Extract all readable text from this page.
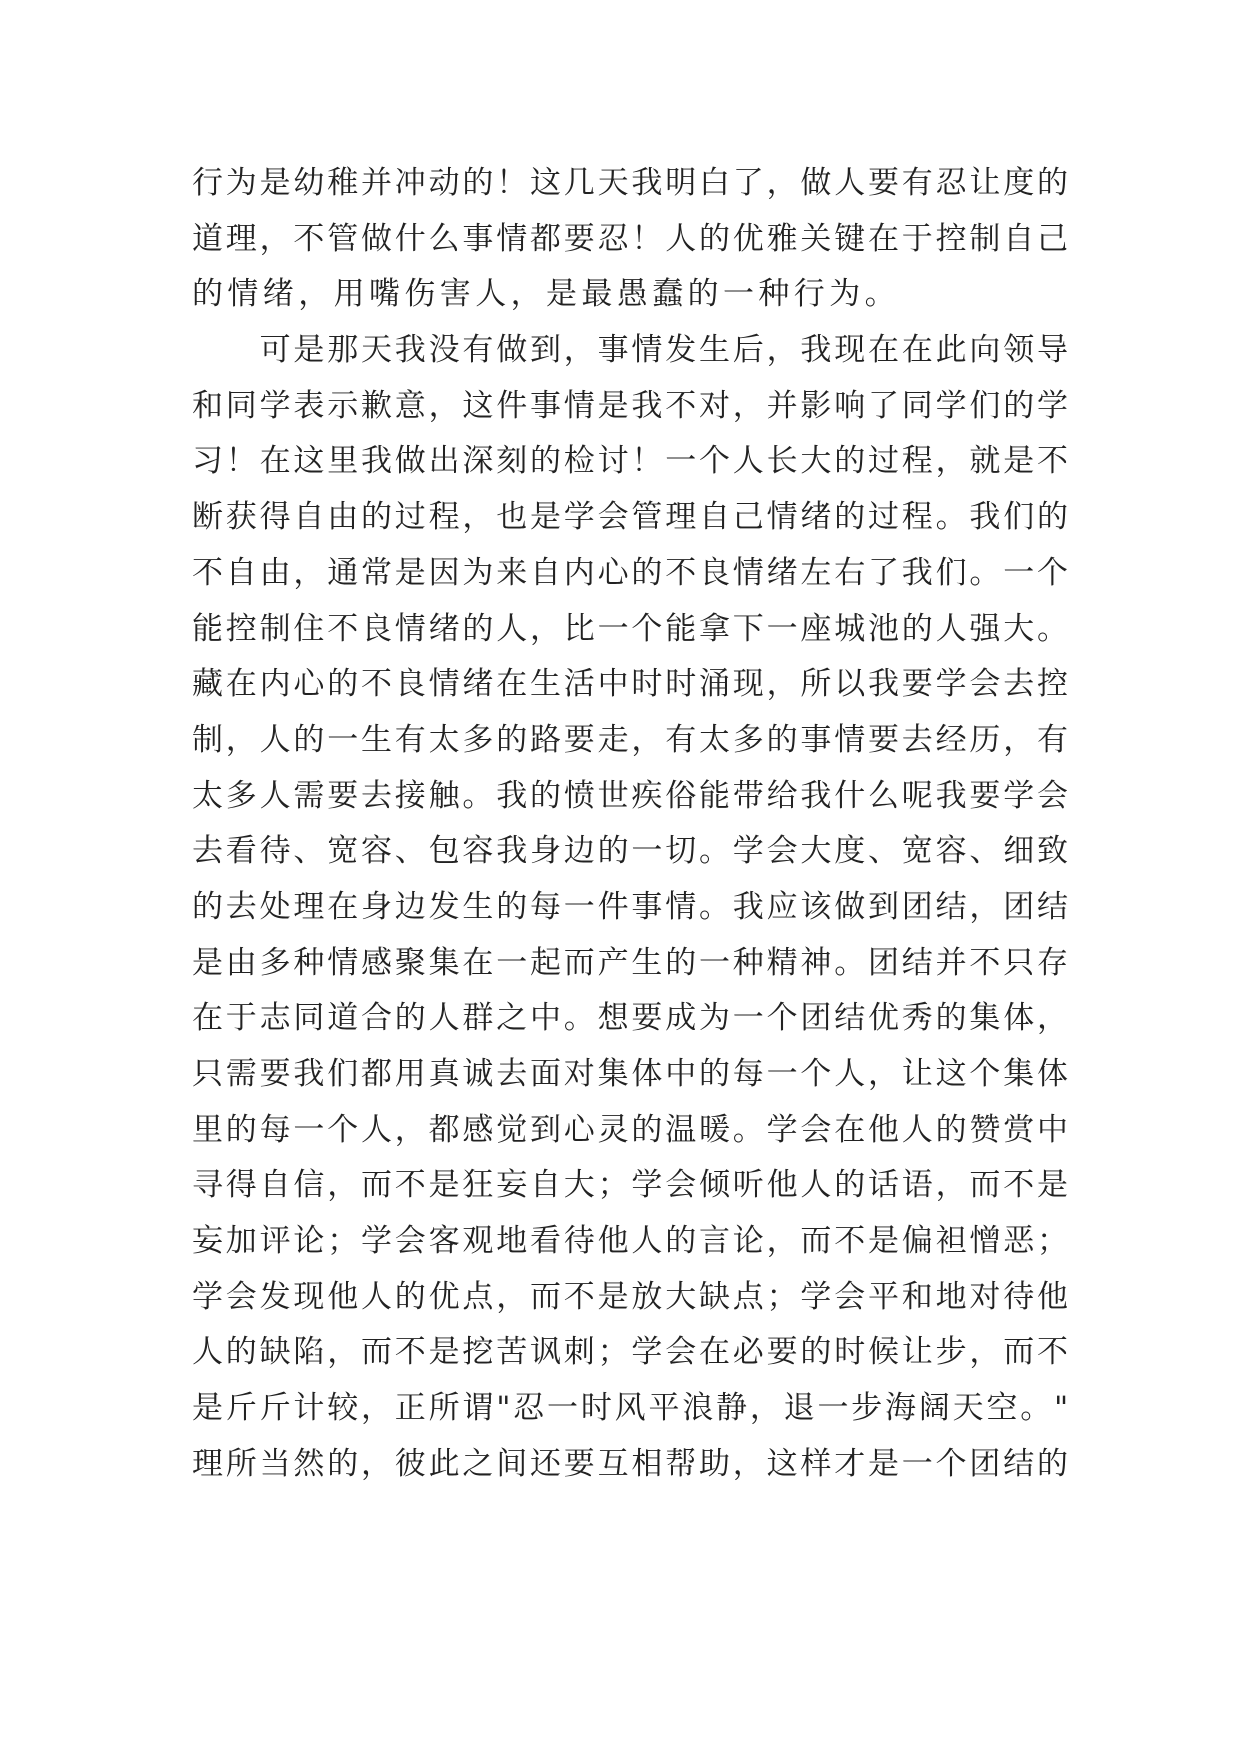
行为是幼稚并冲动的！这几天我明白了，做人要有忍让度的
道理，不管做什么事情都要忍！人的优雅关键在于控制自己
的情绪，用嘴伤害人，是最愚蠢的一种行为。
　　可是那天我没有做到，事情发生后，我现在在此向领导
和同学表示歉意，这件事情是我不对，并影响了同学们的学
习！在这里我做出深刻的检讨！一个人长大的过程，就是不
断获得自由的过程，也是学会管理自己情绪的过程。我们的
不自由，通常是因为来自内心的不良情绪左右了我们。一个
能控制住不良情绪的人，比一个能拿下一座城池的人强大。
藏在内心的不良情绪在生活中时时涌现，所以我要学会去控
制，人的一生有太多的路要走，有太多的事情要去经历，有
太多人需要去接触。我的愤世疾俗能带给我什么呢我要学会
去看待、宽容、包容我身边的一切。学会大度、宽容、细致
的去处理在身边发生的每一件事情。我应该做到团结，团结
是由多种情感聚集在一起而产生的一种精神。团结并不只存
在于志同道合的人群之中。想要成为一个团结优秀的集体，
只需要我们都用真诚去面对集体中的每一个人，让这个集体
里的每一个人，都感觉到心灵的温暖。学会在他人的赞赏中
寻得自信，而不是狂妄自大；学会倾听他人的话语，而不是
妄加评论；学会客观地看待他人的言论，而不是偏袒憎恶；
学会发现他人的优点，而不是放大缺点；学会平和地对待他
人的缺陷，而不是挖苦讽刺；学会在必要的时候让步，而不
是斤斤计较，正所谓"忍一时风平浪静，退一步海阔天空。"
理所当然的，彼此之间还要互相帮助，这样才是一个团结的
